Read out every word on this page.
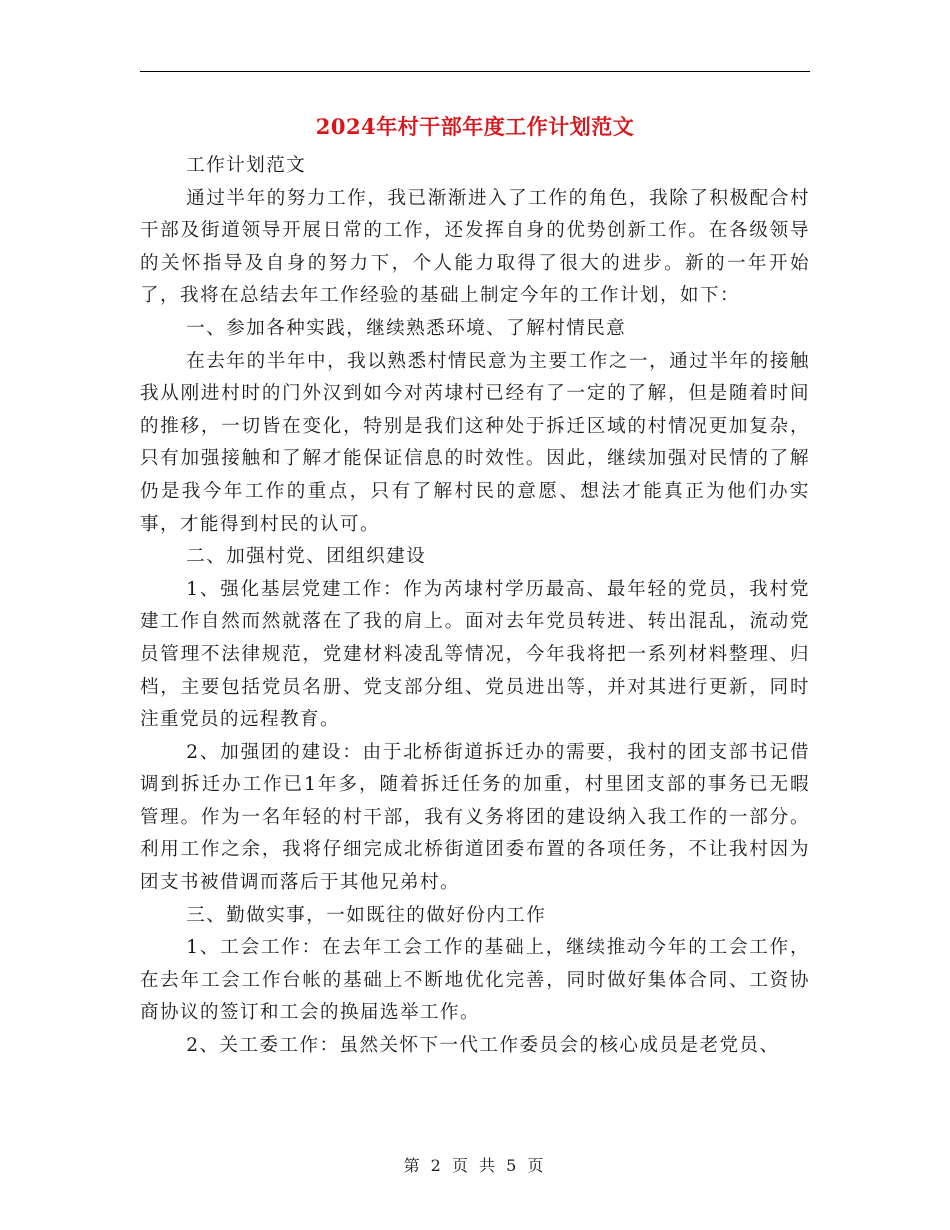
2024年村干部年度工作计划范文

工作计划范文

通过半年的努力工作，我已渐渐进入了工作的角色，我除了积极配合村干部及街道领导开展日常的工作，还发挥自身的优势创新工作。在各级领导的关怀指导及自身的努力下，个人能力取得了很大的进步。新的一年开始了，我将在总结去年工作经验的基础上制定今年的工作计划，如下：

一、参加各种实践，继续熟悉环境、了解村情民意

在去年的半年中，我以熟悉村情民意为主要工作之一，通过半年的接触我从刚进村时的门外汉到如今对芮埭村已经有了一定的了解，但是随着时间的推移，一切皆在变化，特别是我们这种处于拆迁区域的村情况更加复杂，只有加强接触和了解才能保证信息的时效性。因此，继续加强对民情的了解仍是我今年工作的重点，只有了解村民的意愿、想法才能真正为他们办实事，才能得到村民的认可。

二、加强村党、团组织建设

1、强化基层党建工作：作为芮埭村学历最高、最年轻的党员，我村党建工作自然而然就落在了我的肩上。面对去年党员转进、转出混乱，流动党员管理不法律规范，党建材料凌乱等情况，今年我将把一系列材料整理、归档，主要包括党员名册、党支部分组、党员进出等，并对其进行更新，同时注重党员的远程教育。

2、加强团的建设：由于北桥街道拆迁办的需要，我村的团支部书记借调到拆迁办工作已1年多，随着拆迁任务的加重，村里团支部的事务已无暇管理。作为一名年轻的村干部，我有义务将团的建设纳入我工作的一部分。利用工作之余，我将仔细完成北桥街道团委布置的各项任务，不让我村因为团支书被借调而落后于其他兄弟村。

三、勤做实事，一如既往的做好份内工作

1、工会工作：在去年工会工作的基础上，继续推动今年的工会工作，在去年工会工作台帐的基础上不断地优化完善，同时做好集体合同、工资协商协议的签订和工会的换届选举工作。

2、关工委工作：虽然关怀下一代工作委员会的核心成员是老党员、

第 2 页 共 5 页
